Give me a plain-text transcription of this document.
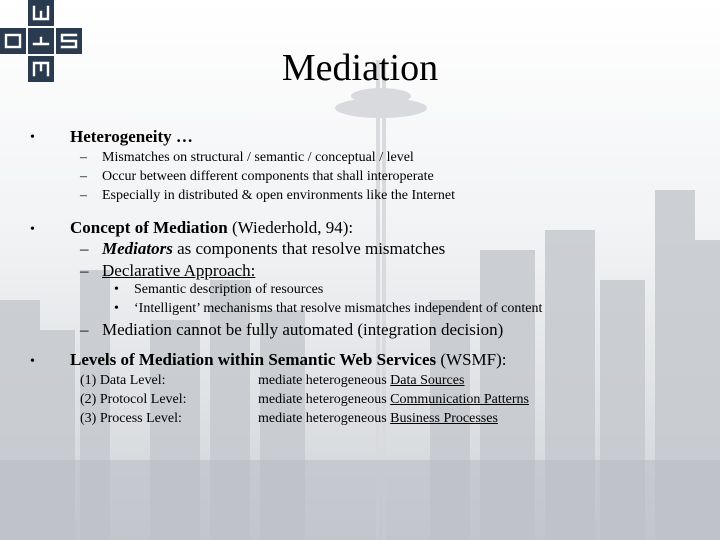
Mediation
• Heterogeneity …
– Mismatches on structural / semantic / conceptual / level
– Occur between different components that shall interoperate
– Especially in distributed & open environments like the Internet
• Concept of Mediation (Wiederhold, 94):
– Mediators as components that resolve mismatches
– Declarative Approach:
• Semantic description of resources
• ‘Intelligent’ mechanisms that resolve mismatches independent of content
– Mediation cannot be fully automated (integration decision)
• Levels of Mediation within Semantic Web Services (WSMF):
(1) Data Level:	mediate heterogeneous Data Sources
(2) Protocol Level:	mediate heterogeneous Communication Patterns
(3) Process Level:	mediate heterogeneous Business Processes
